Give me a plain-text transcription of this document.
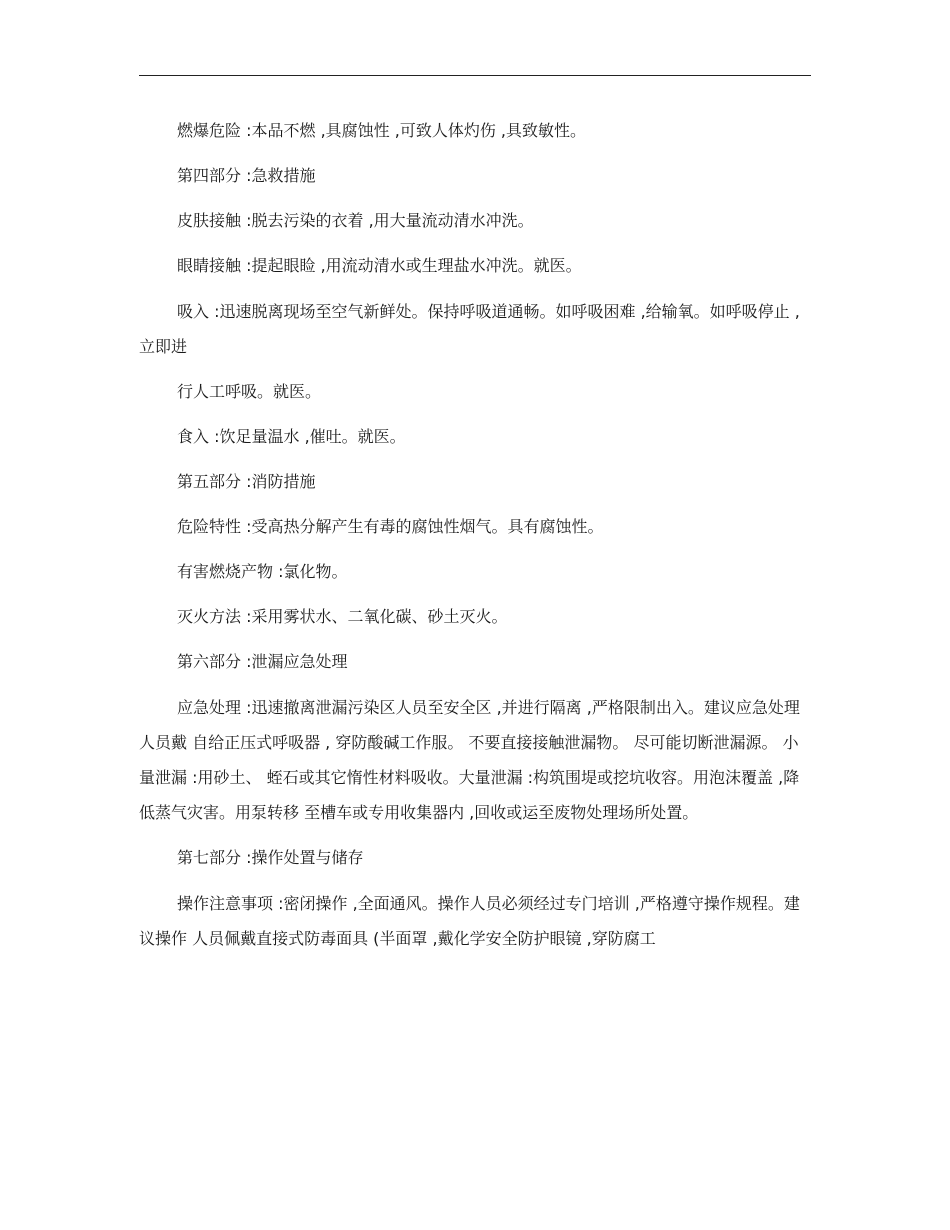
燃爆危险 :本品不燃 ,具腐蚀性 ,可致人体灼伤 ,具致敏性。

第四部分 :急救措施

皮肤接触 :脱去污染的衣着 ,用大量流动清水冲洗。

眼睛接触 :提起眼睑 ,用流动清水或生理盐水冲洗。就医。

吸入 :迅速脱离现场至空气新鲜处。保持呼吸道通畅。如呼吸困难 ,给输氧。如呼吸停止 ,立即进

行人工呼吸。就医。

食入 :饮足量温水 ,催吐。就医。

第五部分 :消防措施

危险特性 :受高热分解产生有毒的腐蚀性烟气。具有腐蚀性。

有害燃烧产物 :氯化物。

灭火方法 :采用雾状水、二氧化碳、砂土灭火。

第六部分 :泄漏应急处理

应急处理 :迅速撤离泄漏污染区人员至安全区 ,并进行隔离 ,严格限制出入。建议应急处理人员戴 自给正压式呼吸器 , 穿防酸碱工作服。 不要直接接触泄漏物。 尽可能切断泄漏源。 小量泄漏 :用砂土、 蛭石或其它惰性材料吸收。大量泄漏 :构筑围堤或挖坑收容。用泡沫覆盖 ,降低蒸气灾害。用泵转移 至槽车或专用收集器内 ,回收或运至废物处理场所处置。

第七部分 :操作处置与储存

操作注意事项 :密闭操作 ,全面通风。操作人员必须经过专门培训 ,严格遵守操作规程。建议操作 人员佩戴直接式防毒面具 (半面罩 ,戴化学安全防护眼镜 ,穿防腐工
